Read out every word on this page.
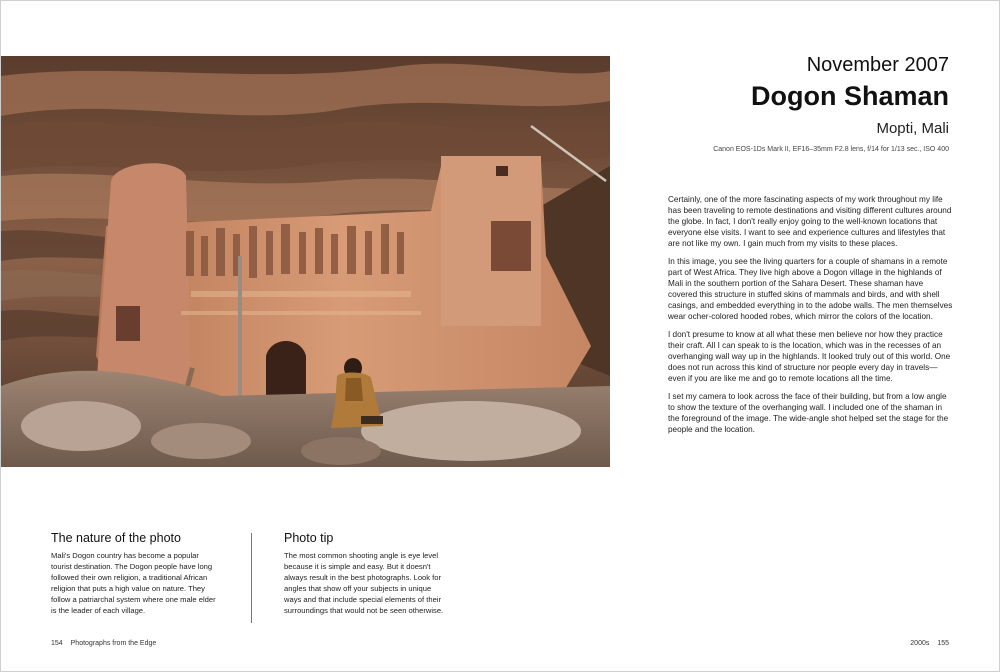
November 2007
Dogon Shaman
Mopti, Mali
Canon EOS-1Ds Mark II, EF16–35mm F2.8 lens, f/14 for 1/13 sec., ISO 400

Certainly, one of the more fascinating aspects of my work throughout my life has been traveling to remote destinations and visiting different cultures around the globe. In fact, I don't really enjoy going to the well-known locations that everyone else visits. I want to see and experience cultures and lifestyles that are not like my own. I gain much from my visits to these places.

In this image, you see the living quarters for a couple of shamans in a remote part of West Africa. They live high above a Dogon village in the highlands of Mali in the southern portion of the Sahara Desert. These shaman have covered this structure in stuffed skins of mammals and birds, and with shell casings, and embedded everything in to the adobe walls. The men themselves wear ocher-colored hooded robes, which mirror the colors of the location.

I don't presume to know at all what these men believe nor how they practice their craft. All I can speak to is the location, which was in the recesses of an overhanging wall way up in the highlands. It looked truly out of this world. One does not run across this kind of structure nor people every day in travels—even if you are like me and go to remote locations all the time.

I set my camera to look across the face of their building, but from a low angle to show the texture of the overhanging wall. I included one of the shaman in the foreground of the image. The wide-angle shot helped set the stage for the people and the location.

The nature of the photo
Mali's Dogon country has become a popular tourist destination. The Dogon people have long followed their own religion, a traditional African religion that puts a high value on nature. They follow a patriarchal system where one male elder is the leader of each village.
Photo tip
The most common shooting angle is eye level because it is simple and easy. But it doesn't always result in the best photographs. Look for angles that show off your subjects in unique ways and that include special elements of their surroundings that would not be seen otherwise.
154 Photographs from the Edge	2000s 155
